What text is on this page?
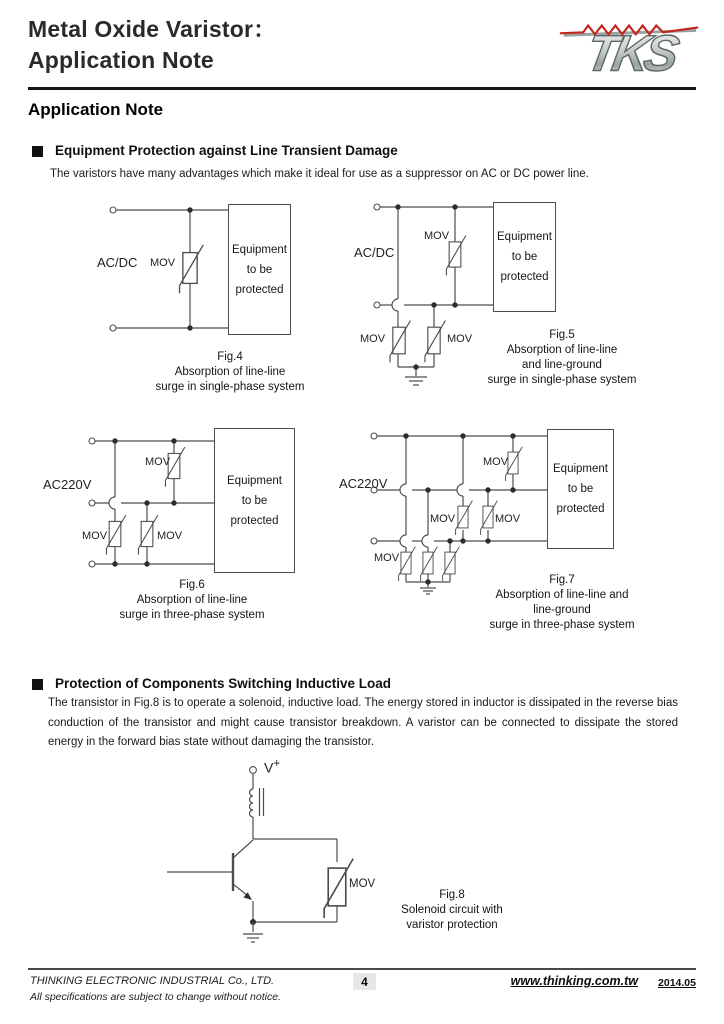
Metal Oxide Varistor：
Application Note	TKS
Application Note
Equipment Protection against Line Transient Damage
The varistors have many advantages which make it ideal for use as a suppressor on AC or DC power line.
AC/DC MOV
Equipment
to be
protected
Fig.4
Absorption of line-line
surge in single-phase system
AC/DC
MOV
MOV	MOV
Equipment
to be
protected
Fig.5
Absorption of line-line
and line-ground
surge in single-phase system
AC220V
MOV
MOV	MOV
Equipment
to be
protected
Fig.6
Absorption of line-line
surge in three-phase system
AC220V
MOV
MOV	MOV
MOV
Equipment
to be
protected
Fig.7
Absorption of line-line and
line-ground
surge in three-phase system
Protection of Components Switching Inductive Load
The transistor in Fig.8 is to operate a solenoid, inductive load. The energy stored in inductor is dissipated in the reverse bias conduction of the transistor and might cause transistor breakdown. A varistor can be connected to dissipate the stored energy in the forward bias state without damaging the transistor.
V+
MOV
Fig.8
Solenoid circuit with
varistor protection
THINKING ELECTRONIC INDUSTRIAL Co., LTD.	4	www.thinking.com.tw 2014.05
All specifications are subject to change without notice.
